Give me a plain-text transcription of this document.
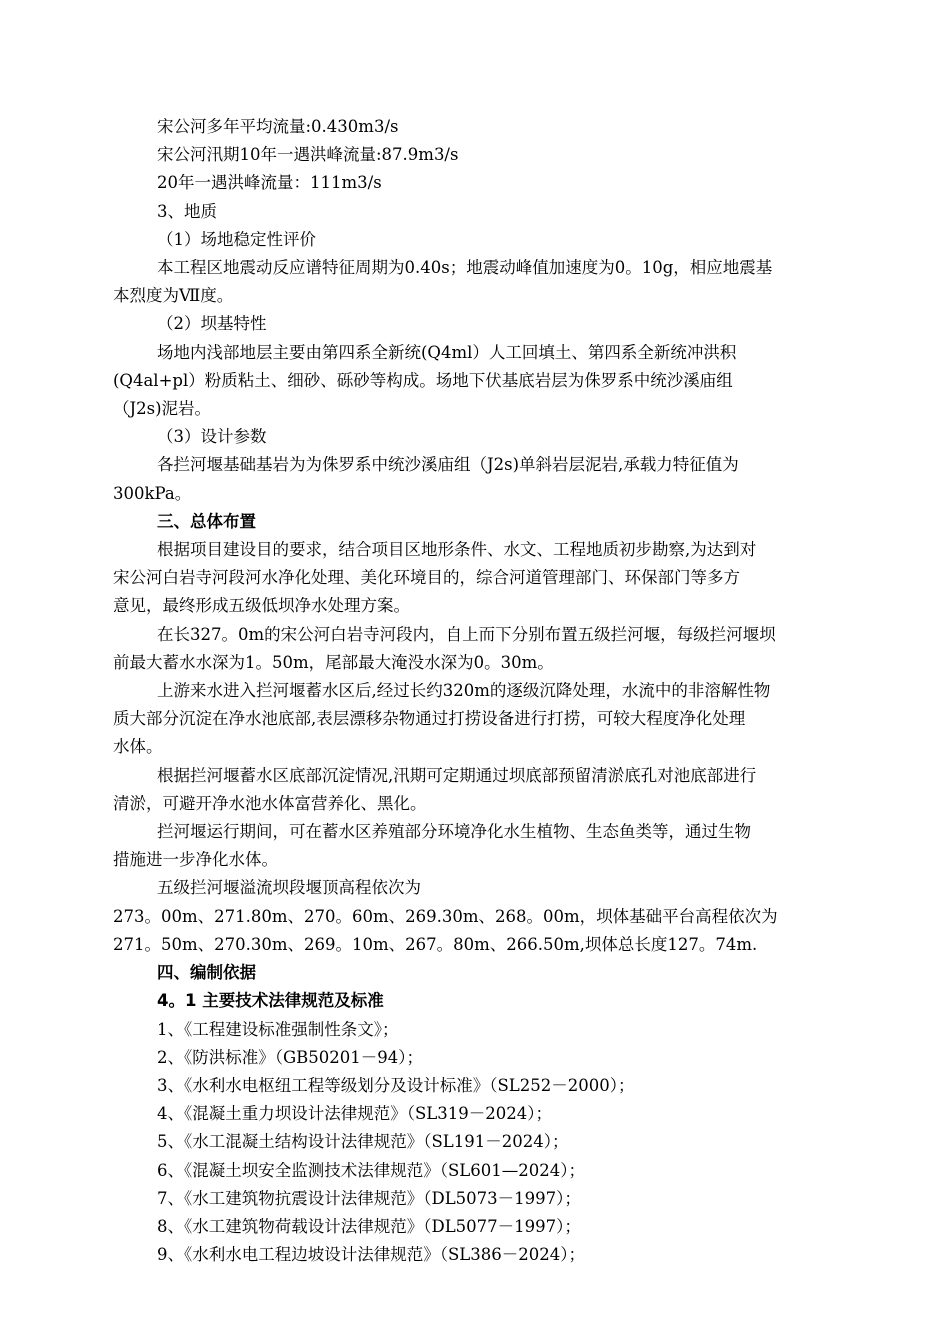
宋公河多年平均流量:0.430m3/s
宋公河汛期10年一遇洪峰流量:87.9m3/s
20年一遇洪峰流量：111m3/s
3、地质
（1）场地稳定性评价
本工程区地震动反应谱特征周期为0.40s；地震动峰值加速度为0。10g，相应地震基
本烈度为Ⅶ度。
（2）坝基特性
场地内浅部地层主要由第四系全新统(Q4ml）人工回填土、第四系全新统冲洪积
(Q4al+pl）粉质粘土、细砂、砾砂等构成。场地下伏基底岩层为侏罗系中统沙溪庙组
（J2s)泥岩。
（3）设计参数
各拦河堰基础基岩为为侏罗系中统沙溪庙组（J2s)单斜岩层泥岩,承载力特征值为
300kPa。
三、总体布置
根据项目建设目的要求，结合项目区地形条件、水文、工程地质初步勘察,为达到对
宋公河白岩寺河段河水净化处理、美化环境目的，综合河道管理部门、环保部门等多方
意见，最终形成五级低坝净水处理方案。
在长327。0m的宋公河白岩寺河段内，自上而下分别布置五级拦河堰，每级拦河堰坝
前最大蓄水水深为1。50m，尾部最大淹没水深为0。30m。
上游来水进入拦河堰蓄水区后,经过长约320m的逐级沉降处理，水流中的非溶解性物
质大部分沉淀在净水池底部,表层漂移杂物通过打捞设备进行打捞，可较大程度净化处理
水体。
根据拦河堰蓄水区底部沉淀情况,汛期可定期通过坝底部预留清淤底孔对池底部进行
清淤，可避开净水池水体富营养化、黑化。
拦河堰运行期间，可在蓄水区养殖部分环境净化水生植物、生态鱼类等，通过生物
措施进一步净化水体。
五级拦河堰溢流坝段堰顶高程依次为
273。00m、271.80m、270。60m、269.30m、268。00m，坝体基础平台高程依次为
271。50m、270.30m、269。10m、267。80m、266.50m,坝体总长度127。74m.
四、编制依据
4。1 主要技术法律规范及标准
1、《工程建设标准强制性条文》；
2、《防洪标准》（GB50201－94）；
3、《水利水电枢纽工程等级划分及设计标准》（SL252－2000）；
4、《混凝土重力坝设计法律规范》（SL319－2024）；
5、《水工混凝土结构设计法律规范》（SL191－2024）；
6、《混凝土坝安全监测技术法律规范》（SL601—2024）；
7、《水工建筑物抗震设计法律规范》（DL5073－1997）；
8、《水工建筑物荷载设计法律规范》（DL5077－1997）；
9、《水利水电工程边坡设计法律规范》（SL386－2024）；
